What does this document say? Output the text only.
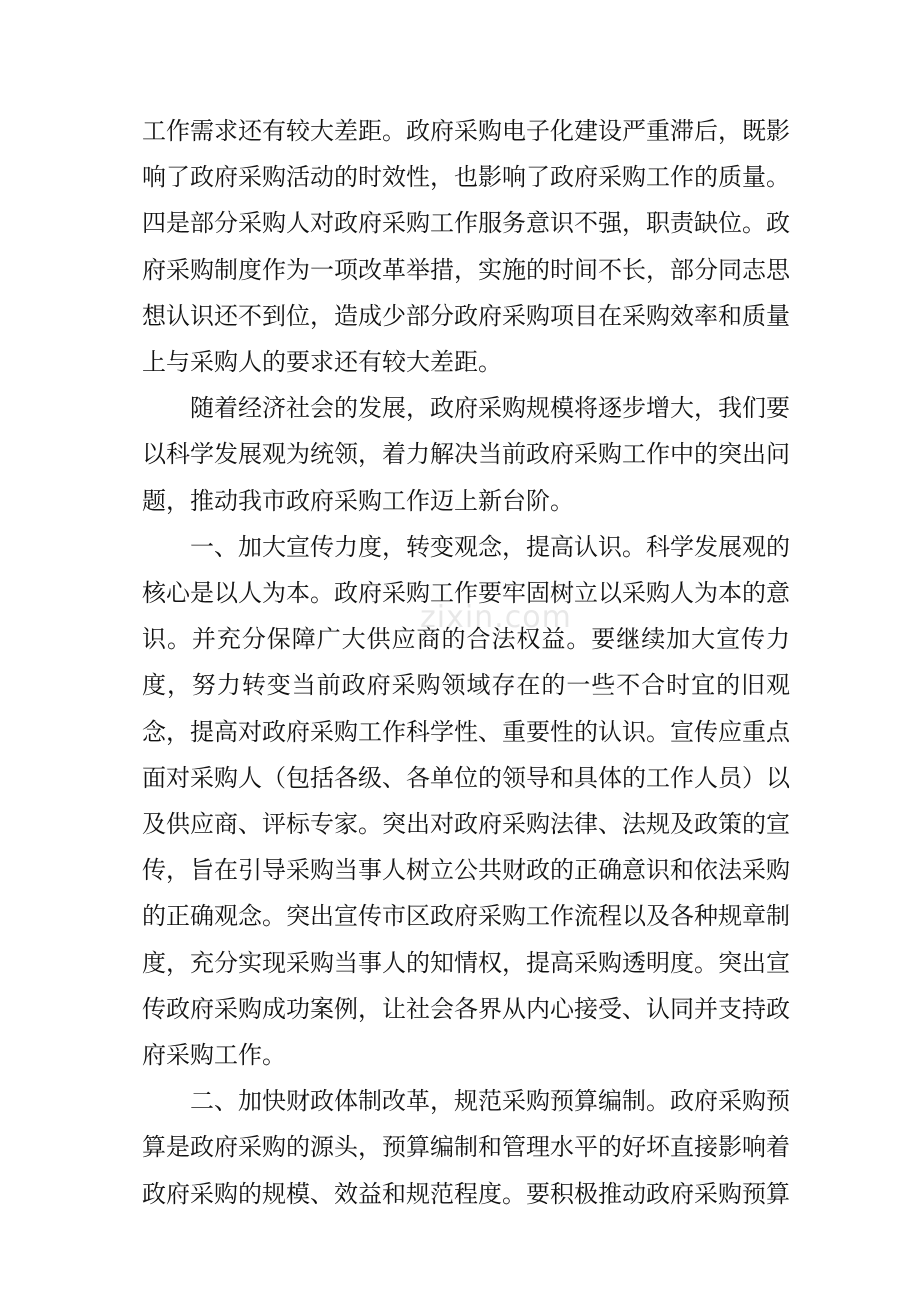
工作需求还有较大差距。政府采购电子化建设严重滞后，既影响了政府采购活动的时效性，也影响了政府采购工作的质量。四是部分采购人对政府采购工作服务意识不强，职责缺位。政府采购制度作为一项改革举措，实施的时间不长，部分同志思想认识还不到位，造成少部分政府采购项目在采购效率和质量上与采购人的要求还有较大差距。

随着经济社会的发展，政府采购规模将逐步增大，我们要以科学发展观为统领，着力解决当前政府采购工作中的突出问题，推动我市政府采购工作迈上新台阶。

一、加大宣传力度，转变观念，提高认识。科学发展观的核心是以人为本。政府采购工作要牢固树立以采购人为本的意识。并充分保障广大供应商的合法权益。要继续加大宣传力度，努力转变当前政府采购领域存在的一些不合时宜的旧观念，提高对政府采购工作科学性、重要性的认识。宣传应重点面对采购人（包括各级、各单位的领导和具体的工作人员）以及供应商、评标专家。突出对政府采购法律、法规及政策的宣传，旨在引导采购当事人树立公共财政的正确意识和依法采购的正确观念。突出宣传市区政府采购工作流程以及各种规章制度，充分实现采购当事人的知情权，提高采购透明度。突出宣传政府采购成功案例，让社会各界从内心接受、认同并支持政府采购工作。

二、加快财政体制改革，规范采购预算编制。政府采购预算是政府采购的源头，预算编制和管理水平的好坏直接影响着政府采购的规模、效益和规范程度。要积极推动政府采购预算

zixin.com
